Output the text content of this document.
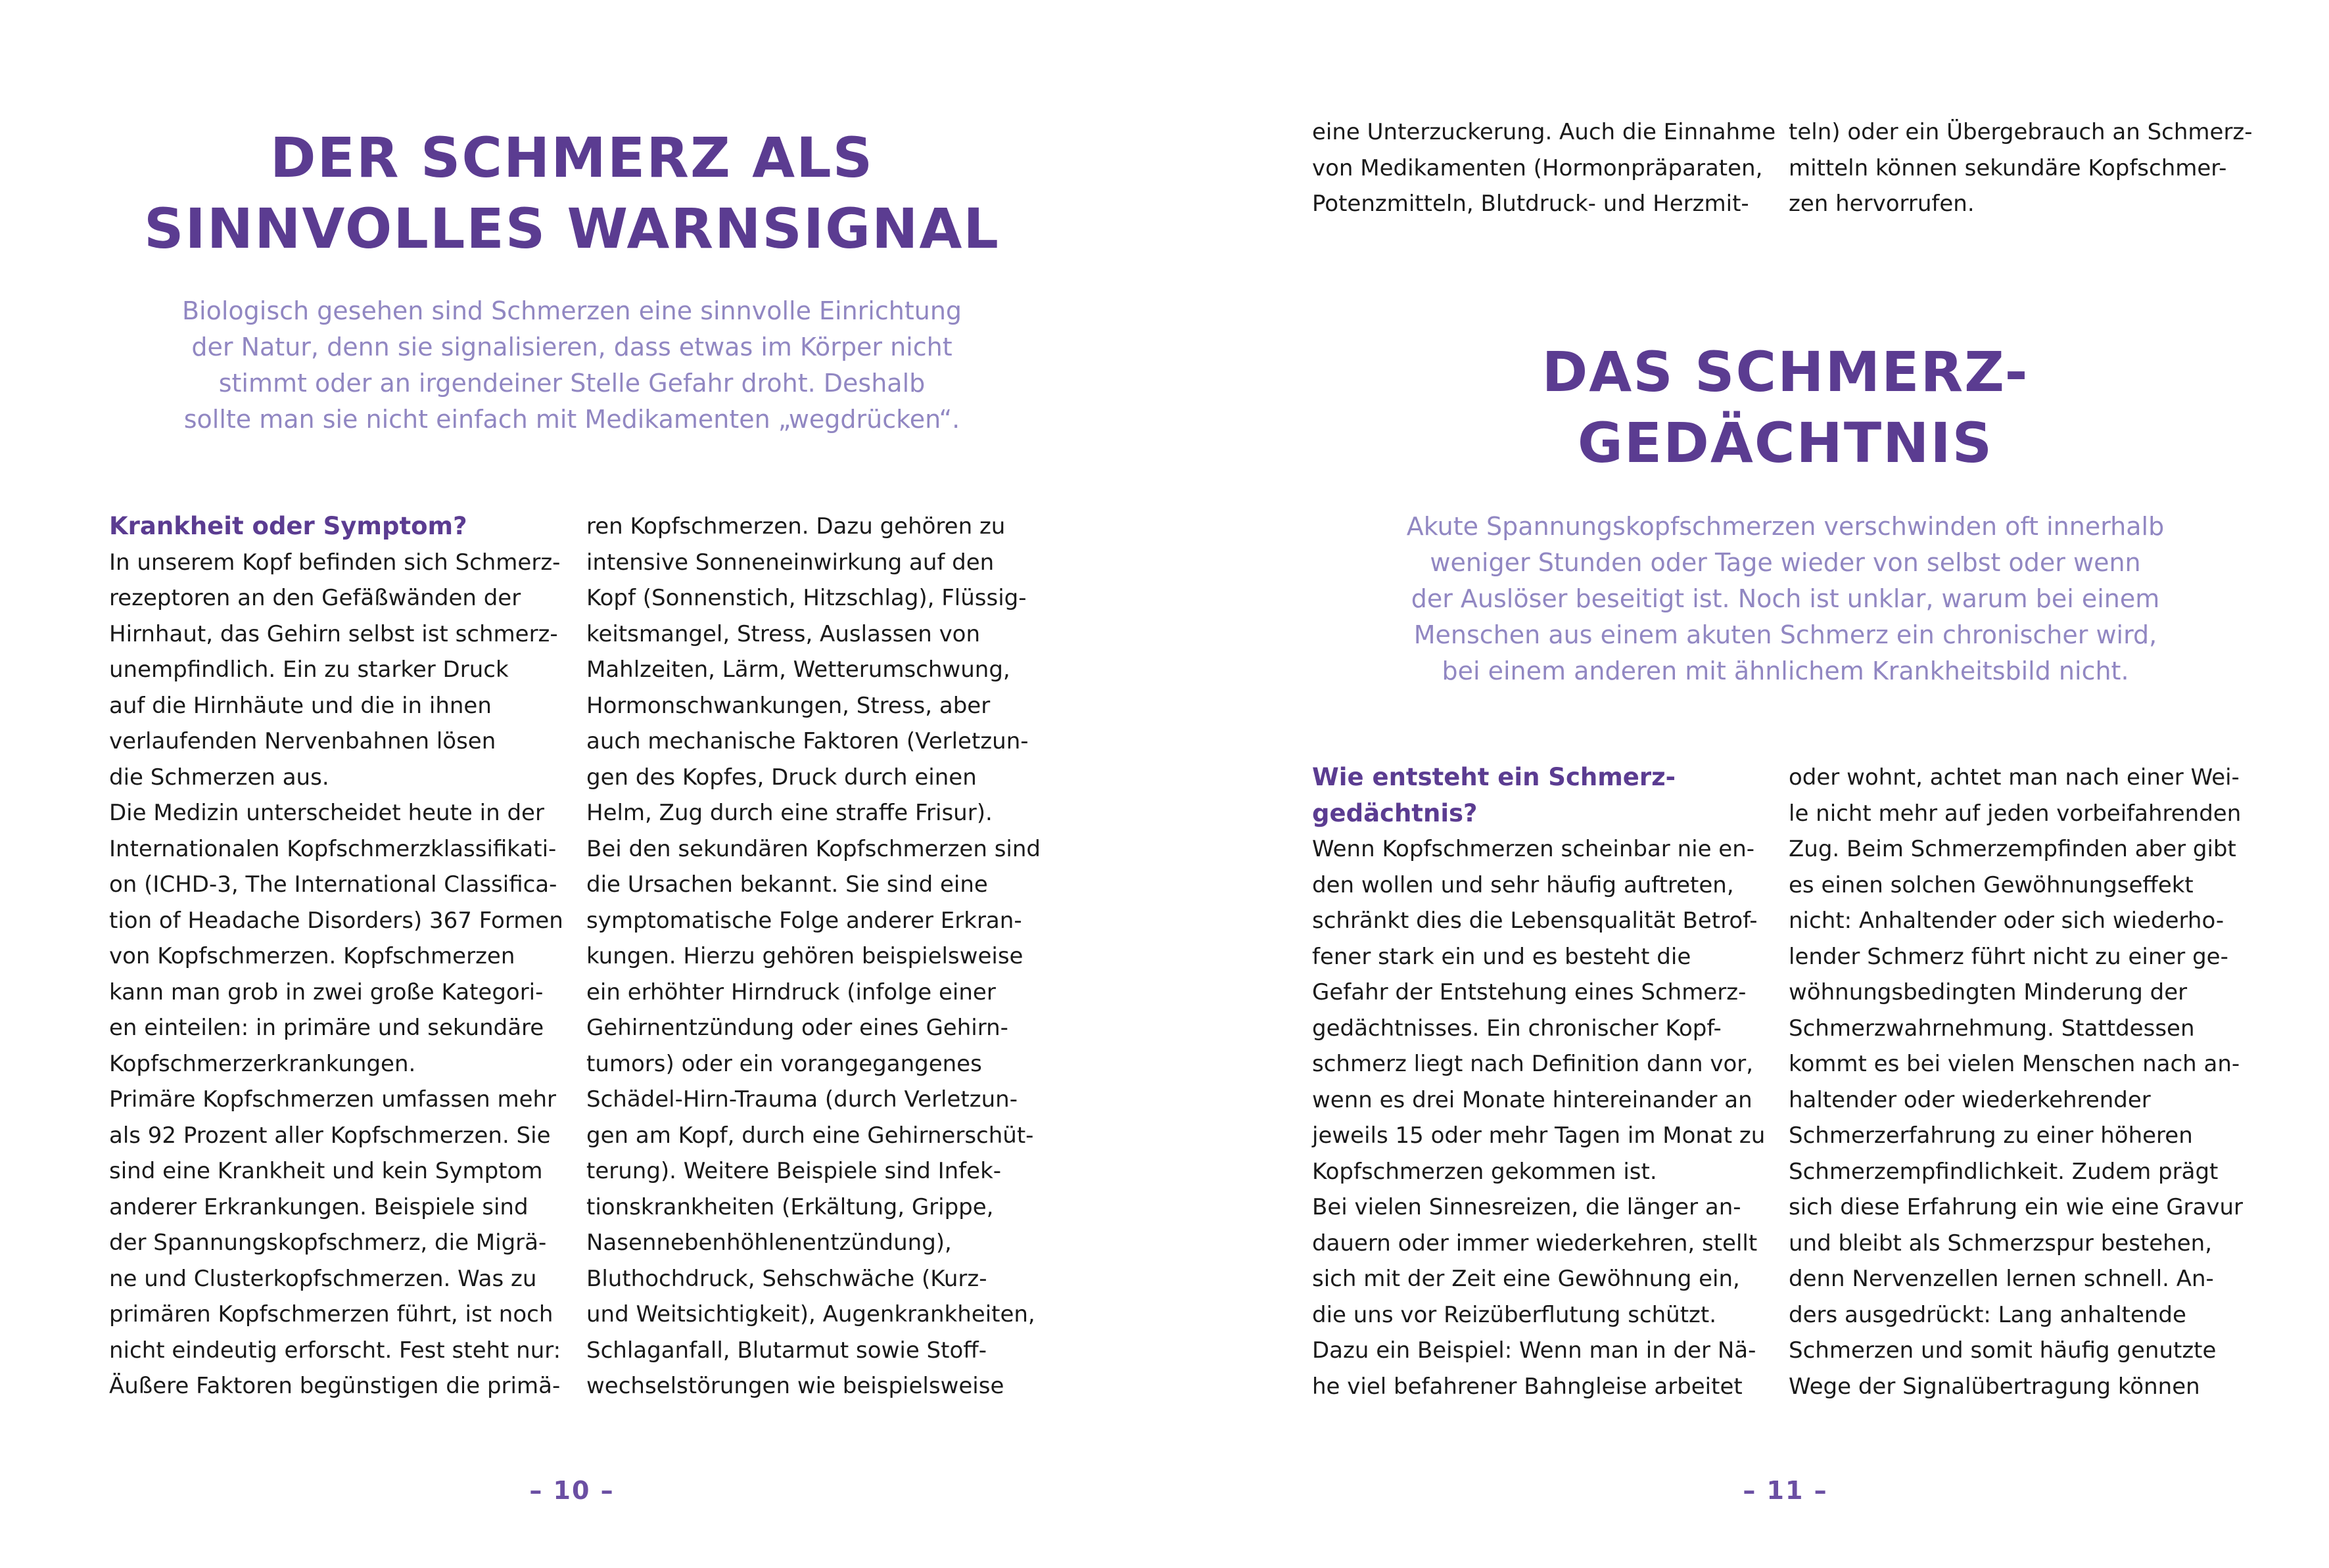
DER SCHMERZ ALS
SINNVOLLES WARNSIGNAL
Biologisch gesehen sind Schmerzen eine sinnvolle Einrichtung
der Natur, denn sie signalisieren, dass etwas im Körper nicht
stimmt oder an irgendeiner Stelle Gefahr droht. Deshalb
sollte man sie nicht einfach mit Medikamenten „wegdrücken“.
Krankheit oder Symptom?
In unserem Kopf befinden sich Schmerz-
rezeptoren an den Gefäßwänden der
Hirnhaut, das Gehirn selbst ist schmerz-
unempfindlich. Ein zu starker Druck
auf die Hirnhäute und die in ihnen
verlaufenden Nervenbahnen lösen
die Schmerzen aus.
Die Medizin unterscheidet heute in der
Internationalen Kopfschmerzklassifikati-
on (ICHD-3, The International Classifica-
tion of Headache Disorders) 367 Formen
von Kopfschmerzen. Kopfschmerzen
kann man grob in zwei große Kategori-
en einteilen: in primäre und sekundäre
Kopfschmerzerkrankungen.
Primäre Kopfschmerzen umfassen mehr
als 92 Prozent aller Kopfschmerzen. Sie
sind eine Krankheit und kein Symptom
anderer Erkrankungen. Beispiele sind
der Spannungskopfschmerz, die Migrä-
ne und Clusterkopfschmerzen. Was zu
primären Kopfschmerzen führt, ist noch
nicht eindeutig erforscht. Fest steht nur:
Äußere Faktoren begünstigen die primä-
ren Kopfschmerzen. Dazu gehören zu
intensive Sonneneinwirkung auf den
Kopf (Sonnenstich, Hitzschlag), Flüssig-
keitsmangel, Stress, Auslassen von
Mahlzeiten, Lärm, Wetterumschwung,
Hormonschwankungen, Stress, aber
auch mechanische Faktoren (Verletzun-
gen des Kopfes, Druck durch einen
Helm, Zug durch eine straffe Frisur).
Bei den sekundären Kopfschmerzen sind
die Ursachen bekannt. Sie sind eine
symptomatische Folge anderer Erkran-
kungen. Hierzu gehören beispielsweise
ein erhöhter Hirndruck (infolge einer
Gehirnentzündung oder eines Gehirn-
tumors) oder ein vorangegangenes
Schädel-Hirn-Trauma (durch Verletzun-
gen am Kopf, durch eine Gehirnerschüt-
terung). Weitere Beispiele sind Infek-
tionskrankheiten (Erkältung, Grippe,
Nasennebenhöhlenentzündung),
Bluthochdruck, Sehschwäche (Kurz-
und Weitsichtigkeit), Augenkrankheiten,
Schlaganfall, Blutarmut sowie Stoff-
wechselstörungen wie beispielsweise
– 10 –
eine Unterzuckerung. Auch die Einnahme
von Medikamenten (Hormonpräparaten,
Potenzmitteln, Blutdruck- und Herzmit-
teln) oder ein Übergebrauch an Schmerz-
mitteln können sekundäre Kopfschmer-
zen hervorrufen.
DAS SCHMERZ-
GEDÄCHTNIS
Akute Spannungskopfschmerzen verschwinden oft innerhalb
weniger Stunden oder Tage wieder von selbst oder wenn
der Auslöser beseitigt ist. Noch ist unklar, warum bei einem
Menschen aus einem akuten Schmerz ein chronischer wird,
bei einem anderen mit ähnlichem Krankheitsbild nicht.
Wie entsteht ein Schmerz-
gedächtnis?
Wenn Kopfschmerzen scheinbar nie en-
den wollen und sehr häufig auftreten,
schränkt dies die Lebensqualität Betrof-
fener stark ein und es besteht die
Gefahr der Entstehung eines Schmerz-
gedächtnisses. Ein chronischer Kopf-
schmerz liegt nach Definition dann vor,
wenn es drei Monate hintereinander an
jeweils 15 oder mehr Tagen im Monat zu
Kopfschmerzen gekommen ist.
Bei vielen Sinnesreizen, die länger an-
dauern oder immer wiederkehren, stellt
sich mit der Zeit eine Gewöhnung ein,
die uns vor Reizüberflutung schützt.
Dazu ein Beispiel: Wenn man in der Nä-
he viel befahrener Bahngleise arbeitet
oder wohnt, achtet man nach einer Wei-
le nicht mehr auf jeden vorbeifahrenden
Zug. Beim Schmerzempfinden aber gibt
es einen solchen Gewöhnungseffekt
nicht: Anhaltender oder sich wiederho-
lender Schmerz führt nicht zu einer ge-
wöhnungsbedingten Minderung der
Schmerzwahrnehmung. Stattdessen
kommt es bei vielen Menschen nach an-
haltender oder wiederkehrender
Schmerzerfahrung zu einer höheren
Schmerzempfindlichkeit. Zudem prägt
sich diese Erfahrung ein wie eine Gravur
und bleibt als Schmerzspur bestehen,
denn Nervenzellen lernen schnell. An-
ders ausgedrückt: Lang anhaltende
Schmerzen und somit häufig genutzte
Wege der Signalübertragung können
– 11 –
